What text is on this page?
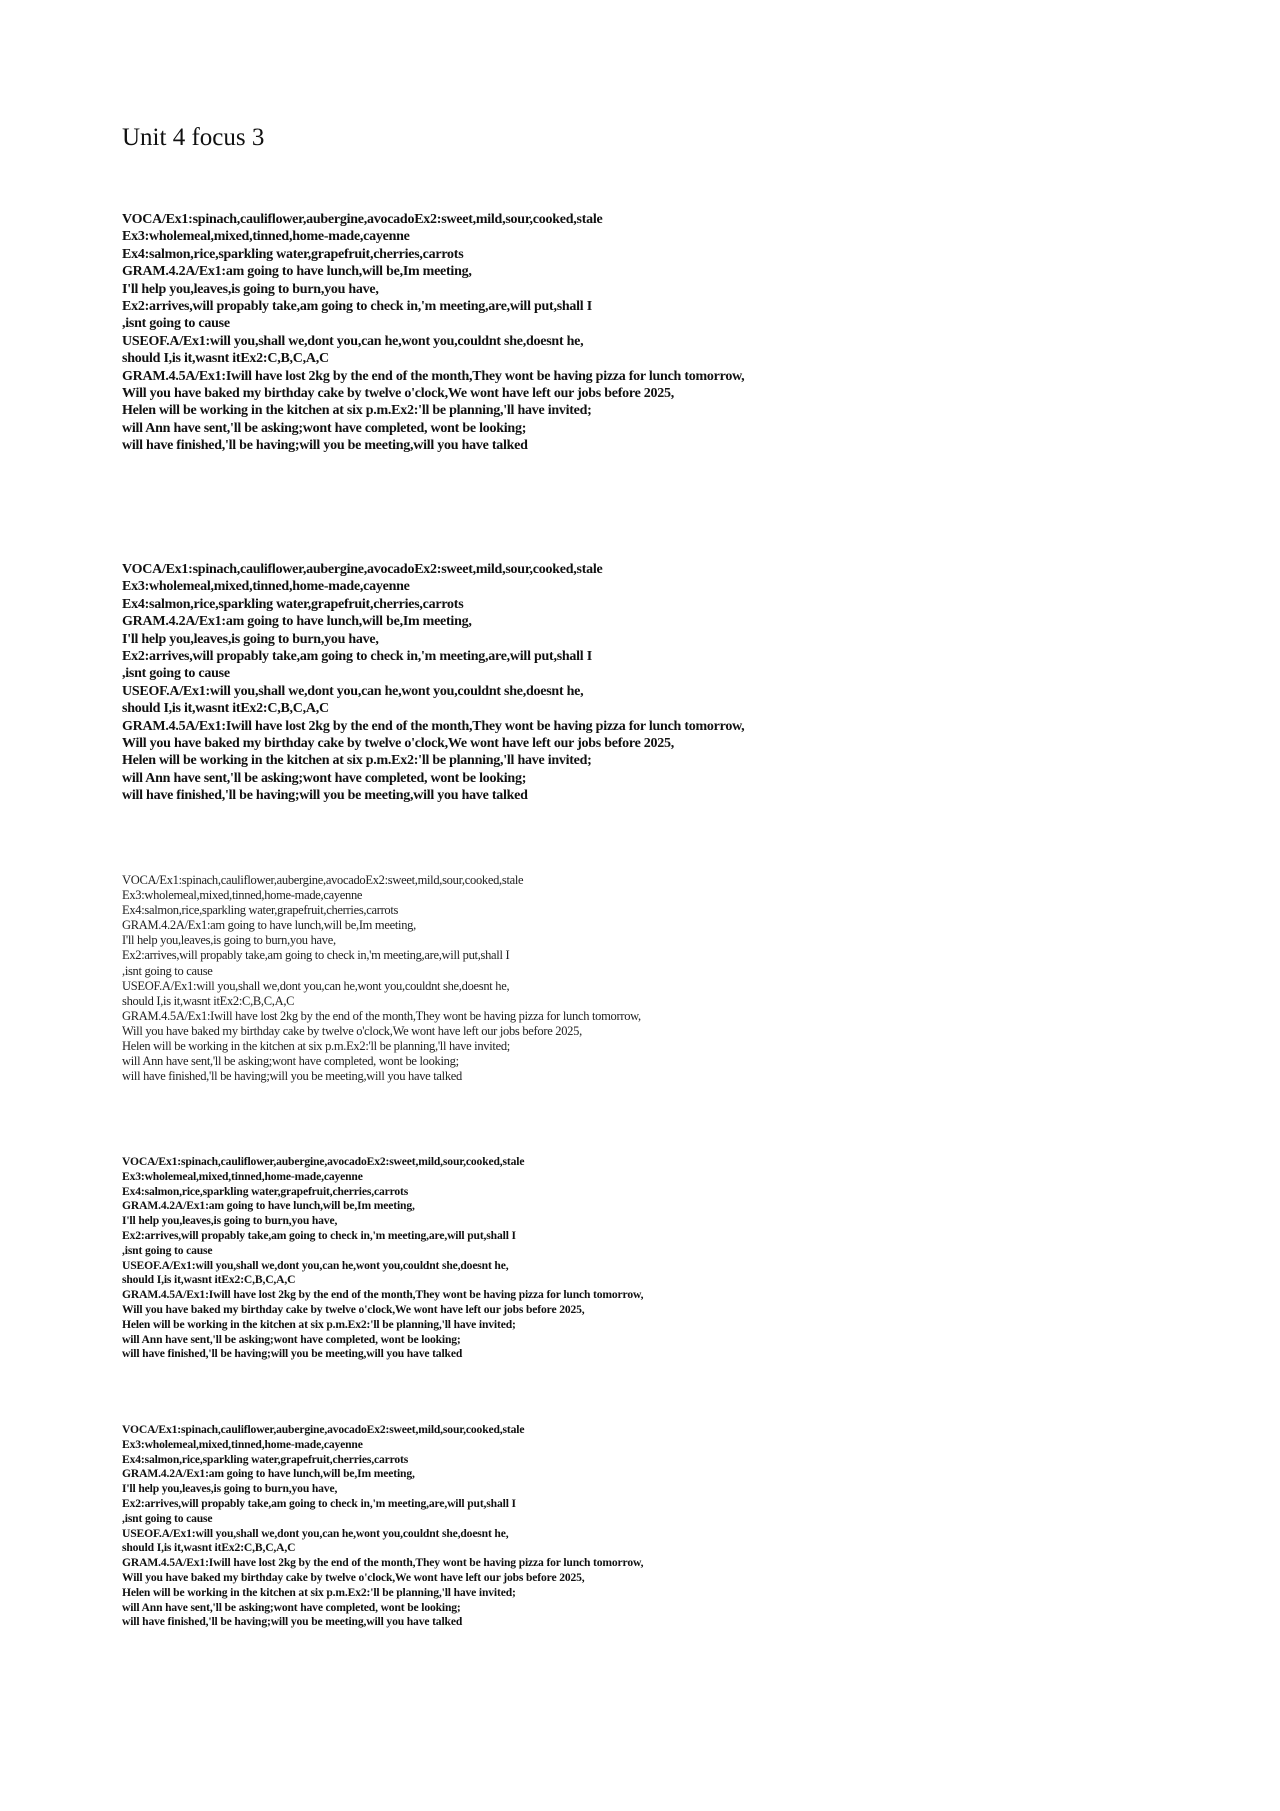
Unit 4 focus 3
VOCA/Ex1:spinach,cauliflower,aubergine,avocadoEx2:sweet,mild,sour,cooked,stale
Ex3:wholemeal,mixed,tinned,home-made,cayenne
Ex4:salmon,rice,sparkling water,grapefruit,cherries,carrots
GRAM.4.2A/Ex1:am going to have lunch,will be,Im meeting,
I'll help you,leaves,is going to burn,you have,
Ex2:arrives,will propably take,am going to check in,'m meeting,are,will put,shall I
,isnt going to cause
USEOF.A/Ex1:will you,shall we,dont you,can he,wont you,couldnt she,doesnt he,
should I,is it,wasnt itEx2:C,B,C,A,C
GRAM.4.5A/Ex1:Iwill have lost 2kg by the end of the month,They wont be having pizza for lunch tomorrow,
Will you have baked my birthday cake by twelve o'clock,We wont have left our jobs before 2025,
Helen will be working in the kitchen at six p.m.Ex2:'ll be planning,'ll have invited;
will Ann have sent,'ll be asking;wont have completed, wont be looking;
will have finished,'ll be having;will you be meeting,will you have talked
VOCA/Ex1:spinach,cauliflower,aubergine,avocadoEx2:sweet,mild,sour,cooked,stale
Ex3:wholemeal,mixed,tinned,home-made,cayenne
Ex4:salmon,rice,sparkling water,grapefruit,cherries,carrots
GRAM.4.2A/Ex1:am going to have lunch,will be,Im meeting,
I'll help you,leaves,is going to burn,you have,
Ex2:arrives,will propably take,am going to check in,'m meeting,are,will put,shall I
,isnt going to cause
USEOF.A/Ex1:will you,shall we,dont you,can he,wont you,couldnt she,doesnt he,
should I,is it,wasnt itEx2:C,B,C,A,C
GRAM.4.5A/Ex1:Iwill have lost 2kg by the end of the month,They wont be having pizza for lunch tomorrow,
Will you have baked my birthday cake by twelve o'clock,We wont have left our jobs before 2025,
Helen will be working in the kitchen at six p.m.Ex2:'ll be planning,'ll have invited;
will Ann have sent,'ll be asking;wont have completed, wont be looking;
will have finished,'ll be having;will you be meeting,will you have talked
VOCA/Ex1:spinach,cauliflower,aubergine,avocadoEx2:sweet,mild,sour,cooked,stale
Ex3:wholemeal,mixed,tinned,home-made,cayenne
Ex4:salmon,rice,sparkling water,grapefruit,cherries,carrots
GRAM.4.2A/Ex1:am going to have lunch,will be,Im meeting,
I'll help you,leaves,is going to burn,you have,
Ex2:arrives,will propably take,am going to check in,'m meeting,are,will put,shall I
,isnt going to cause
USEOF.A/Ex1:will you,shall we,dont you,can he,wont you,couldnt she,doesnt he,
should I,is it,wasnt itEx2:C,B,C,A,C
GRAM.4.5A/Ex1:Iwill have lost 2kg by the end of the month,They wont be having pizza for lunch tomorrow,
Will you have baked my birthday cake by twelve o'clock,We wont have left our jobs before 2025,
Helen will be working in the kitchen at six p.m.Ex2:'ll be planning,'ll have invited;
will Ann have sent,'ll be asking;wont have completed, wont be looking;
will have finished,'ll be having;will you be meeting,will you have talked
VOCA/Ex1:spinach,cauliflower,aubergine,avocadoEx2:sweet,mild,sour,cooked,stale
Ex3:wholemeal,mixed,tinned,home-made,cayenne
Ex4:salmon,rice,sparkling water,grapefruit,cherries,carrots
GRAM.4.2A/Ex1:am going to have lunch,will be,Im meeting,
I'll help you,leaves,is going to burn,you have,
Ex2:arrives,will propably take,am going to check in,'m meeting,are,will put,shall I
,isnt going to cause
USEOF.A/Ex1:will you,shall we,dont you,can he,wont you,couldnt she,doesnt he,
should I,is it,wasnt itEx2:C,B,C,A,C
GRAM.4.5A/Ex1:Iwill have lost 2kg by the end of the month,They wont be having pizza for lunch tomorrow,
Will you have baked my birthday cake by twelve o'clock,We wont have left our jobs before 2025,
Helen will be working in the kitchen at six p.m.Ex2:'ll be planning,'ll have invited;
will Ann have sent,'ll be asking;wont have completed, wont be looking;
will have finished,'ll be having;will you be meeting,will you have talked
VOCA/Ex1:spinach,cauliflower,aubergine,avocadoEx2:sweet,mild,sour,cooked,stale
Ex3:wholemeal,mixed,tinned,home-made,cayenne
Ex4:salmon,rice,sparkling water,grapefruit,cherries,carrots
GRAM.4.2A/Ex1:am going to have lunch,will be,Im meeting,
I'll help you,leaves,is going to burn,you have,
Ex2:arrives,will propably take,am going to check in,'m meeting,are,will put,shall I
,isnt going to cause
USEOF.A/Ex1:will you,shall we,dont you,can he,wont you,couldnt she,doesnt he,
should I,is it,wasnt itEx2:C,B,C,A,C
GRAM.4.5A/Ex1:Iwill have lost 2kg by the end of the month,They wont be having pizza for lunch tomorrow,
Will you have baked my birthday cake by twelve o'clock,We wont have left our jobs before 2025,
Helen will be working in the kitchen at six p.m.Ex2:'ll be planning,'ll have invited;
will Ann have sent,'ll be asking;wont have completed, wont be looking;
will have finished,'ll be having;will you be meeting,will you have talked
